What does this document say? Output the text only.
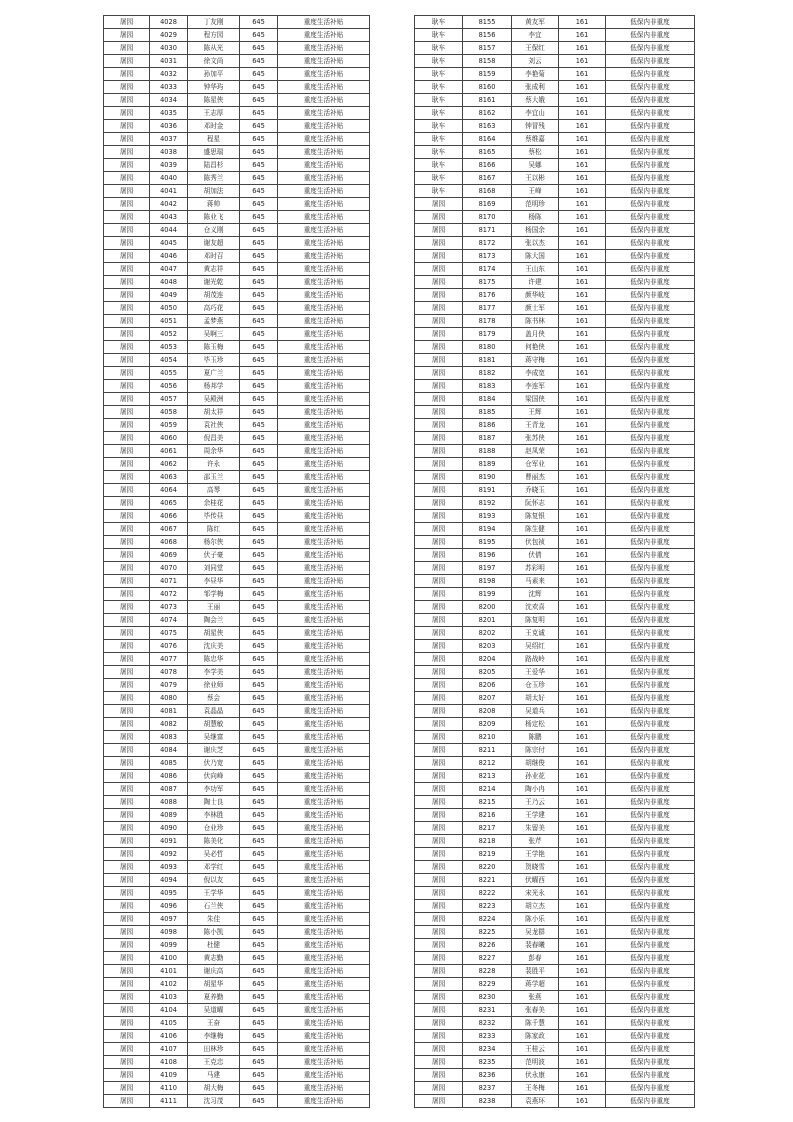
屠园	4028	丁友刚	645	重度生活补贴
屠园	4029	程方园	645	重度生活补贴
屠园	4030	陈从光	645	重度生活补贴
屠园	4031	徐文尚	645	重度生活补贴
屠园	4032	孙加平	645	重度生活补贴
屠园	4033	钟华玙	645	重度生活补贴
屠园	4034	陈星侠	645	重度生活补贴
屠园	4035	王志厚	645	重度生活补贴
屠园	4036	邓时金	645	重度生活补贴
屠园	4037	程星	645	重度生活补贴
屠园	4038	盛思瑞	645	重度生活补贴
屠园	4039	陆昌杉	645	重度生活补贴
屠园	4040	陈秀兰	645	重度生活补贴
屠园	4041	胡加法	645	重度生活补贴
屠园	4042	蒋帅	645	重度生活补贴
屠园	4043	陈业飞	645	重度生活补贴
屠园	4044	仓义刚	645	重度生活补贴
屠园	4045	谢友超	645	重度生活补贴
屠园	4046	邓时召	645	重度生活补贴
屠园	4047	黄志祥	645	重度生活补贴
屠园	4048	谢光乾	645	重度生活补贴
屠园	4049	胡茂连	645	重度生活补贴
屠园	4050	高巧花	645	重度生活补贴
屠园	4051	孟梦燕	645	重度生活补贴
屠园	4052	吴啊三	645	重度生活补贴
屠园	4053	陈玉梅	645	重度生活补贴
屠园	4054	毕玉珍	645	重度生活补贴
屠园	4055	夏广兰	645	重度生活补贴
屠园	4056	杨邦学	645	重度生活补贴
屠园	4057	吴殿洲	645	重度生活补贴
屠园	4058	胡太祥	645	重度生活补贴
屠园	4059	袁社侠	645	重度生活补贴
屠园	4060	倪昌美	645	重度生活补贴
屠园	4061	周余华	645	重度生活补贴
屠园	4062	许永	645	重度生活补贴
屠园	4063	邵玉兰	645	重度生活补贴
屠园	4064	高琴	645	重度生活补贴
屠园	4065	余桂花	645	重度生活补贴
屠园	4066	毕传昼	645	重度生活补贴
屠园	4067	陈红	645	重度生活补贴
屠园	4068	杨尔侠	645	重度生活补贴
屠园	4069	伏子豪	645	重度生活补贴
屠园	4070	刘同堂	645	重度生活补贴
屠园	4071	李昼华	645	重度生活补贴
屠园	4072	邹学梅	645	重度生活补贴
屠园	4073	王丽	645	重度生活补贴
屠园	4074	陶会兰	645	重度生活补贴
屠园	4075	胡星侠	645	重度生活补贴
屠园	4076	沈庆美	645	重度生活补贴
屠园	4077	陈忠华	645	重度生活补贴
屠园	4078	李学美	645	重度生活补贴
屠园	4079	徐业师	645	重度生活补贴
屠园	4080	蔡会	645	重度生活补贴
屠园	4081	袁晶晶	645	重度生活补贴
屠园	4082	胡慧敏	645	重度生活补贴
屠园	4083	吴继富	645	重度生活补贴
屠园	4084	谢庆芝	645	重度生活补贴
屠园	4085	伏乃宽	645	重度生活补贴
屠园	4086	伏向峰	645	重度生活补贴
屠园	4087	李功军	645	重度生活补贴
屠园	4088	陶士良	645	重度生活补贴
屠园	4089	李林胜	645	重度生活补贴
屠园	4090	仓业珍	645	重度生活补贴
屠园	4091	陈美化	645	重度生活补贴
屠园	4092	吴必哲	645	重度生活补贴
屠园	4093	邓学红	645	重度生活补贴
屠园	4094	倪以友	645	重度生活补贴
屠园	4095	王学华	645	重度生活补贴
屠园	4096	石兰侠	645	重度生活补贴
屠园	4097	朱佳	645	重度生活补贴
屠园	4098	陈小凯	645	重度生活补贴
屠园	4099	杜健	645	重度生活补贴
屠园	4100	黄志勤	645	重度生活补贴
屠园	4101	谢庆高	645	重度生活补贴
屠园	4102	胡星华	645	重度生活补贴
屠园	4103	夏养勤	645	重度生活补贴
屠园	4104	吴道曜	645	重度生活补贴
屠园	4105	王奋	645	重度生活补贴
屠园	4106	李继梅	645	重度生活补贴
屠园	4107	田林珍	645	重度生活补贴
屠园	4108	王克忠	645	重度生活补贴
屠园	4109	马建	645	重度生活补贴
屠园	4110	胡大梅	645	重度生活补贴
屠园	4111	沈习茂	645	重度生活补贴
耿车	8155	黄友军	161	低保内非重度
耿车	8156	李宜	161	低保内非重度
耿车	8157	王保红	161	低保内非重度
耿车	8158	刘云	161	低保内非重度
耿车	8159	李艳菊	161	低保内非重度
耿车	8160	张成利	161	低保内非重度
耿车	8161	蔡大娥	161	低保内非重度
耿车	8162	李宜山	161	低保内非重度
耿车	8163	钟冒残	161	低保内非重度
耿车	8164	蔡维嘉	161	低保内非重度
耿车	8165	蔡松	161	低保内非重度
耿车	8166	吴娜	161	低保内非重度
耿车	8167	王以彬	161	低保内非重度
耿车	8168	王峰	161	低保内非重度
屠园	8169	范明珍	161	低保内非重度
屠园	8170	杨陈	161	低保内非重度
屠园	8171	杨国余	161	低保内非重度
屠园	8172	张以杰	161	低保内非重度
屠园	8173	陈大国	161	低保内非重度
屠园	8174	王山东	161	低保内非重度
屠园	8175	许建	161	低保内非重度
屠园	8176	颜华岐	161	低保内非重度
屠园	8177	颜士军	161	低保内非重度
屠园	8178	陈书林	161	低保内非重度
屠园	8179	盖月侠	161	低保内非重度
屠园	8180	何艳侠	161	低保内非重度
屠园	8181	蒋守梅	161	低保内非重度
屠园	8182	李成宽	161	低保内非重度
屠园	8183	李连军	161	低保内非重度
屠园	8184	梁国侠	161	低保内非重度
屠园	8185	王辉	161	低保内非重度
屠园	8186	王青龙	161	低保内非重度
屠园	8187	张苏侠	161	低保内非重度
屠园	8188	赵凤荣	161	低保内非重度
屠园	8189	仓军业	161	低保内非重度
屠园	8190	曹丽杰	161	低保内非重度
屠园	8191	乔晓玉	161	低保内非重度
屠园	8192	阮怀志	161	低保内非重度
屠园	8193	陈复银	161	低保内非重度
屠园	8194	陈生健	161	低保内非重度
屠园	8195	伏包祯	161	低保内非重度
屠园	8196	伏倩	161	低保内非重度
屠园	8197	苏彩明	161	低保内非重度
屠园	8198	马素来	161	低保内非重度
屠园	8199	沈辉	161	低保内非重度
屠园	8200	沈欢喜	161	低保内非重度
屠园	8201	陈复明	161	低保内非重度
屠园	8202	王克诚	161	低保内非重度
屠园	8203	吴绍红	161	低保内非重度
屠园	8204	路战岭	161	低保内非重度
屠园	8205	王爱华	161	低保内非重度
屠园	8206	仓玉珍	161	低保内非重度
屠园	8207	胡太好	161	低保内非重度
屠园	8208	吴道兵	161	低保内非重度
屠园	8209	杨定松	161	低保内非重度
屠园	8210	陈鹏	161	低保内非重度
屠园	8211	陈宗付	161	低保内非重度
屠园	8212	胡继俊	161	低保内非重度
屠园	8213	孙业花	161	低保内非重度
屠园	8214	陶小冉	161	低保内非重度
屠园	8215	王乃云	161	低保内非重度
屠园	8216	王学建	161	低保内非重度
屠园	8217	朱留美	161	低保内非重度
屠园	8218	张芹	161	低保内非重度
屠园	8219	王学艳	161	低保内非重度
屠园	8220	贺晓雪	161	低保内非重度
屠园	8221	伏曜西	161	低保内非重度
屠园	8222	宋光永	161	低保内非重度
屠园	8223	胡立杰	161	低保内非重度
屠园	8224	陈小乐	161	低保内非重度
屠园	8225	吴龙群	161	低保内非重度
屠园	8226	裴春曦	161	低保内非重度
屠园	8227	彭春	161	低保内非重度
屠园	8228	裴胜平	161	低保内非重度
屠园	8229	蒋学超	161	低保内非重度
屠园	8230	张燕	161	低保内非重度
屠园	8231	张春美	161	低保内非重度
屠园	8232	陈千慧	161	低保内非重度
屠园	8233	陈家政	161	低保内非重度
屠园	8234	王桂云	161	低保内非重度
屠园	8235	范明波	161	低保内非重度
屠园	8236	伏永康	161	低保内非重度
屠园	8237	王冬梅	161	低保内非重度
屠园	8238	袁燕环	161	低保内非重度
